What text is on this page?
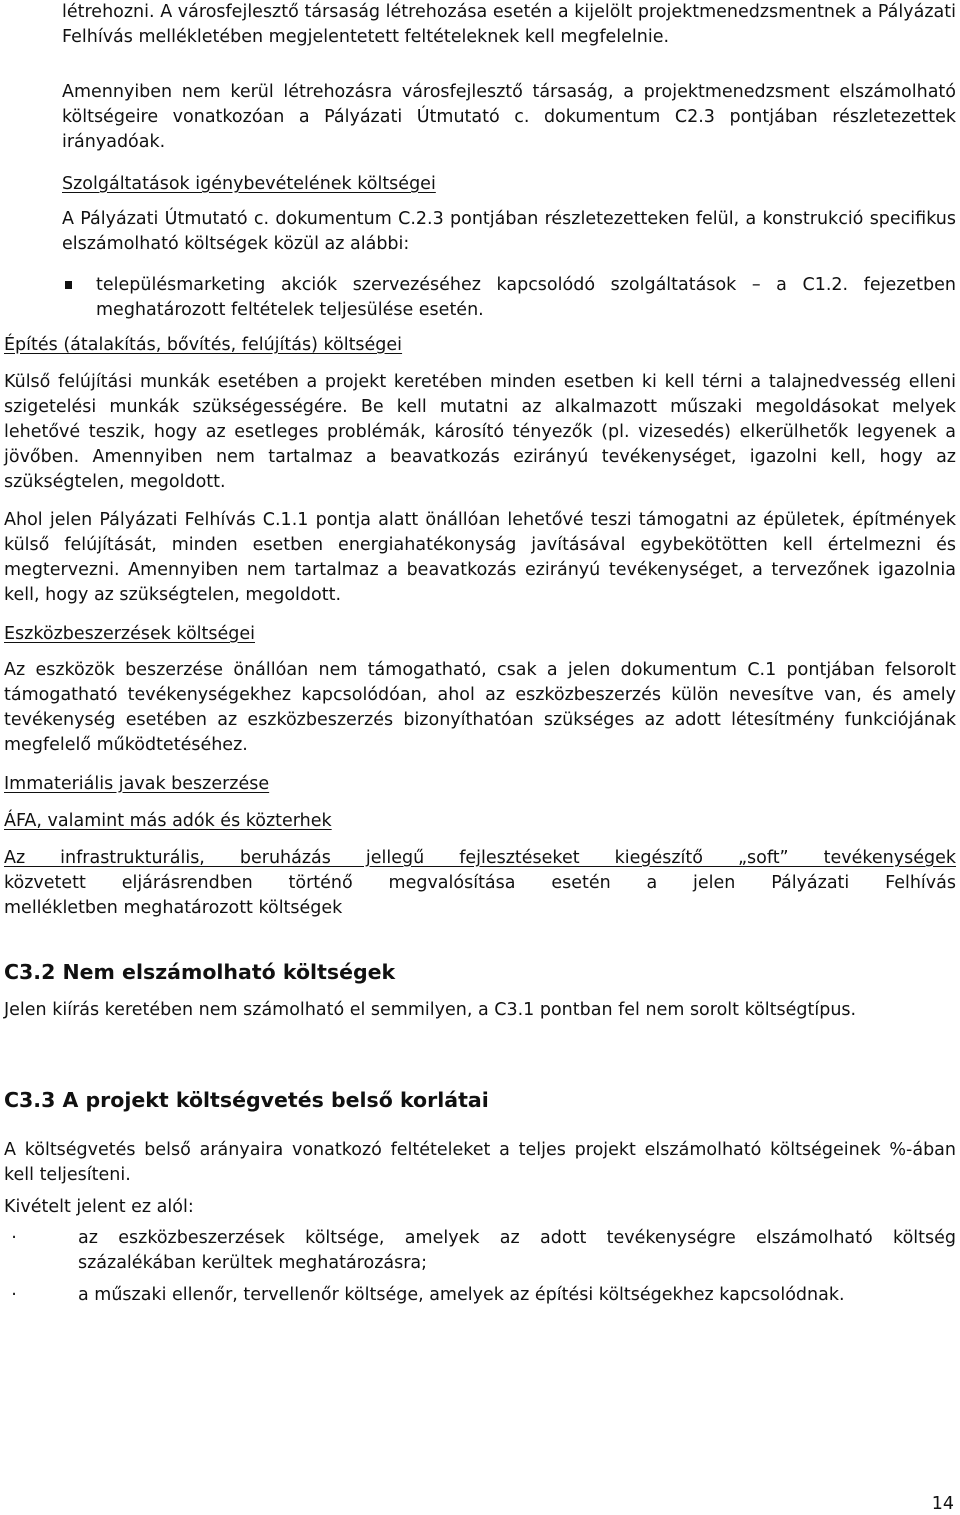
létrehozni. A városfejlesztő társaság létrehozása esetén a kijelölt projektmenedzsmentnek a Pályázati Felhívás mellékletében megjelentetett feltételeknek kell megfelelnie.

Amennyiben nem kerül létrehozásra városfejlesztő társaság, a projektmenedzsment elszámolható költségeire vonatkozóan a Pályázati Útmutató c. dokumentum C2.3 pontjában részletezettek irányadóak.

Szolgáltatások igénybevételének költségei

A Pályázati Útmutató c. dokumentum C.2.3 pontjában részletezetteken felül, a konstrukció specifikus elszámolható költségek közül az alábbi:

településmarketing akciók szervezéséhez kapcsolódó szolgáltatások – a C1.2. fejezetben meghatározott feltételek teljesülése esetén.

Építés (átalakítás, bővítés, felújítás) költségei

Külső felújítási munkák esetében a projekt keretében minden esetben ki kell térni a talajnedvesség elleni szigetelési munkák szükségességére. Be kell mutatni az alkalmazott műszaki megoldásokat melyek lehetővé teszik, hogy az esetleges problémák, károsító tényezők (pl. vizesedés) elkerülhetők legyenek a jövőben. Amennyiben nem tartalmaz a beavatkozás ezirányú tevékenységet, igazolni kell, hogy az szükségtelen, megoldott.

Ahol jelen Pályázati Felhívás C.1.1 pontja alatt önállóan lehetővé teszi támogatni az épületek, építmények külső felújítását, minden esetben energiahatékonyság javításával egybekötötten kell értelmezni és megtervezni. Amennyiben nem tartalmaz a beavatkozás ezirányú tevékenységet, a tervezőnek igazolnia kell, hogy az szükségtelen, megoldott.

Eszközbeszerzések költségei

Az eszközök beszerzése önállóan nem támogatható, csak a jelen dokumentum C.1 pontjában felsorolt támogatható tevékenységekhez kapcsolódóan, ahol az eszközbeszerzés külön nevesítve van, és amely tevékenység esetében az eszközbeszerzés bizonyíthatóan szükséges az adott létesítmény funkciójának megfelelő működtetéséhez.

Immateriális javak beszerzése

ÁFA, valamint más adók és közterhek

Az infrastrukturális, beruházás jellegű fejlesztéseket kiegészítő „soft” tevékenységek
közvetett eljárásrendben történő megvalósítása esetén a jelen Pályázati Felhívás
mellékletben meghatározott költségek

C3.2 Nem elszámolható költségek

Jelen kiírás keretében nem számolható el semmilyen, a C3.1 pontban fel nem sorolt költségtípus.

C3.3 A projekt költségvetés belső korlátai

A költségvetés belső arányaira vonatkozó feltételeket a teljes projekt elszámolható költségeinek %-ában kell teljesíteni.

Kivételt jelent ez alól:

·	az eszközbeszerzések költsége, amelyek az adott tevékenységre elszámolható költség százalékában kerültek meghatározásra;

·	a műszaki ellenőr, tervellenőr költsége, amelyek az építési költségekhez kapcsolódnak.

14
